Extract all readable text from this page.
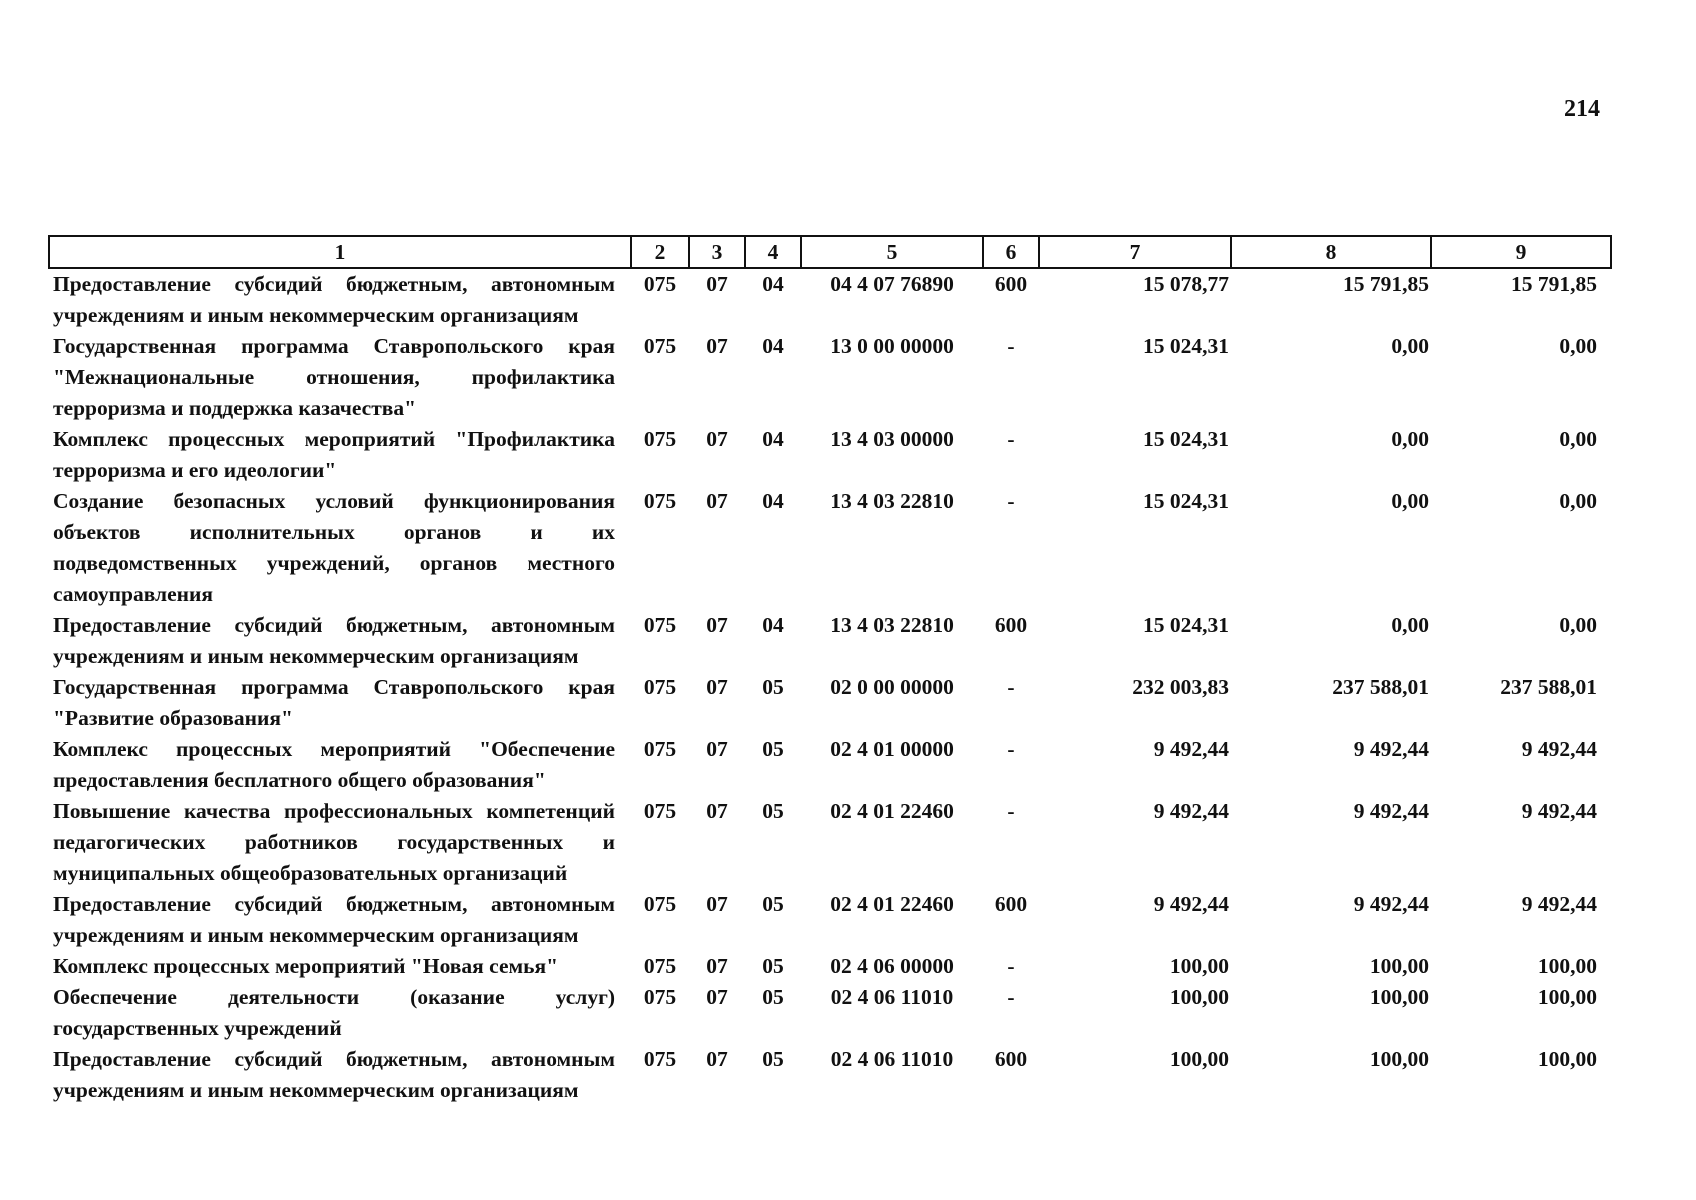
214
1	2	3	4	5	6	7	8	9
Предоставление субсидий бюджетным, автономным учреждениям и иным некоммерческим организациям	075	07	04	04 4 07 76890	600	15 078,77	15 791,85	15 791,85
Государственная программа Ставропольского края "Межнациональные отношения, профилактика терроризма и поддержка казачества"	075	07	04	13 0 00 00000	-	15 024,31	0,00	0,00
Комплекс процессных мероприятий "Профилактика терроризма и его идеологии"	075	07	04	13 4 03 00000	-	15 024,31	0,00	0,00
Создание безопасных условий функционирования объектов исполнительных органов и их подведомственных учреждений, органов местного самоуправления	075	07	04	13 4 03 22810	-	15 024,31	0,00	0,00
Предоставление субсидий бюджетным, автономным учреждениям и иным некоммерческим организациям	075	07	04	13 4 03 22810	600	15 024,31	0,00	0,00
Государственная программа Ставропольского края "Развитие образования"	075	07	05	02 0 00 00000	-	232 003,83	237 588,01	237 588,01
Комплекс процессных мероприятий "Обеспечение предоставления бесплатного общего образования"	075	07	05	02 4 01 00000	-	9 492,44	9 492,44	9 492,44
Повышение качества профессиональных компетенций педагогических работников государственных и муниципальных общеобразовательных организаций	075	07	05	02 4 01 22460	-	9 492,44	9 492,44	9 492,44
Предоставление субсидий бюджетным, автономным учреждениям и иным некоммерческим организациям	075	07	05	02 4 01 22460	600	9 492,44	9 492,44	9 492,44
Комплекс процессных мероприятий "Новая семья"	075	07	05	02 4 06 00000	-	100,00	100,00	100,00
Обеспечение деятельности (оказание услуг) государственных учреждений	075	07	05	02 4 06 11010	-	100,00	100,00	100,00
Предоставление субсидий бюджетным, автономным учреждениям и иным некоммерческим организациям	075	07	05	02 4 06 11010	600	100,00	100,00	100,00
